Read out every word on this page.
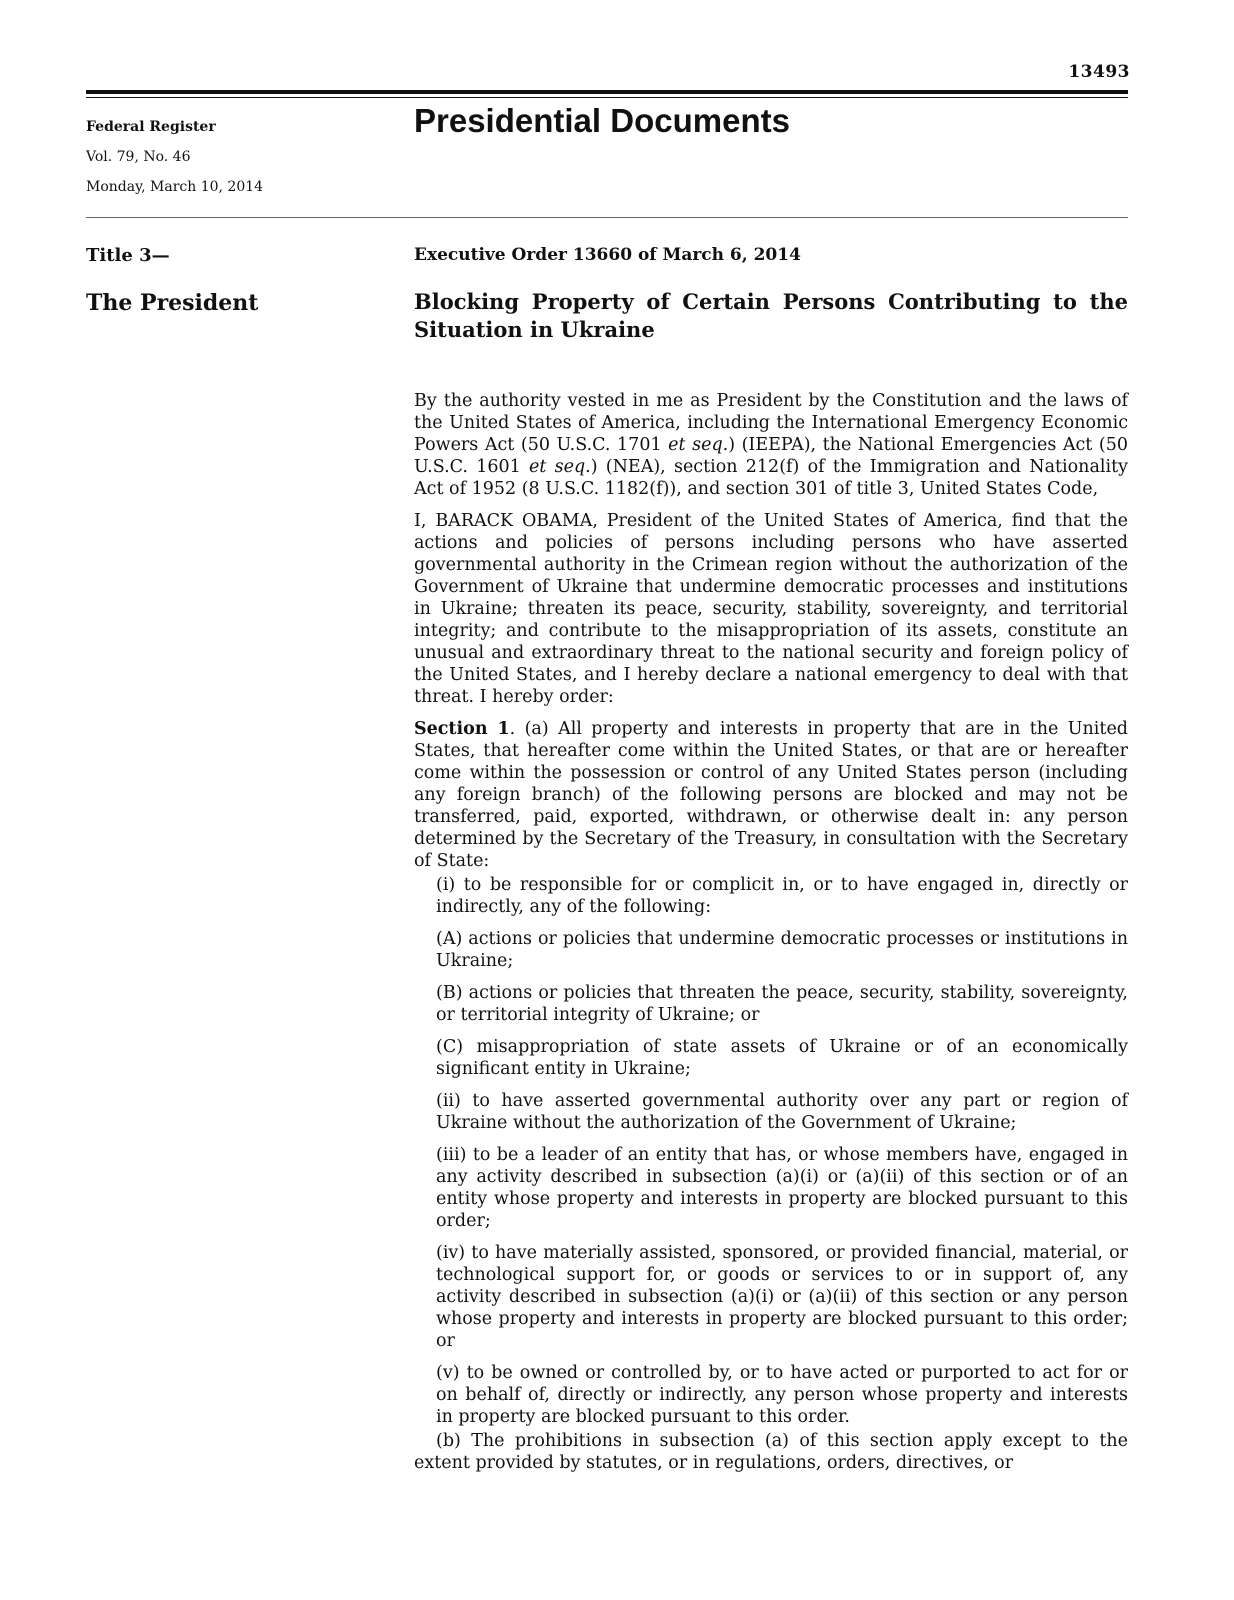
13493
Federal Register
Vol. 79, No. 46
Monday, March 10, 2014
Presidential Documents
Title 3—
The President
Executive Order 13660 of March 6, 2014
Blocking Property of Certain Persons Contributing to the Situation in Ukraine

By the authority vested in me as President by the Constitution and the laws of the United States of America, including the International Emergency Economic Powers Act (50 U.S.C. 1701 et seq.) (IEEPA), the National Emergencies Act (50 U.S.C. 1601 et seq.) (NEA), section 212(f) of the Immigration and Nationality Act of 1952 (8 U.S.C. 1182(f)), and section 301 of title 3, United States Code,

I, BARACK OBAMA, President of the United States of America, find that the actions and policies of persons including persons who have asserted governmental authority in the Crimean region without the authorization of the Government of Ukraine that undermine democratic processes and institutions in Ukraine; threaten its peace, security, stability, sovereignty, and territorial integrity; and contribute to the misappropriation of its assets, constitute an unusual and extraordinary threat to the national security and foreign policy of the United States, and I hereby declare a national emergency to deal with that threat. I hereby order:

Section 1. (a) All property and interests in property that are in the United States, that hereafter come within the United States, or that are or hereafter come within the possession or control of any United States person (including any foreign branch) of the following persons are blocked and may not be transferred, paid, exported, withdrawn, or otherwise dealt in: any person determined by the Secretary of the Treasury, in consultation with the Secretary of State:

(i) to be responsible for or complicit in, or to have engaged in, directly or indirectly, any of the following:

(A) actions or policies that undermine democratic processes or institutions in Ukraine;

(B) actions or policies that threaten the peace, security, stability, sovereignty, or territorial integrity of Ukraine; or

(C) misappropriation of state assets of Ukraine or of an economically significant entity in Ukraine;

(ii) to have asserted governmental authority over any part or region of Ukraine without the authorization of the Government of Ukraine;

(iii) to be a leader of an entity that has, or whose members have, engaged in any activity described in subsection (a)(i) or (a)(ii) of this section or of an entity whose property and interests in property are blocked pursuant to this order;

(iv) to have materially assisted, sponsored, or provided financial, material, or technological support for, or goods or services to or in support of, any activity described in subsection (a)(i) or (a)(ii) of this section or any person whose property and interests in property are blocked pursuant to this order; or

(v) to be owned or controlled by, or to have acted or purported to act for or on behalf of, directly or indirectly, any person whose property and interests in property are blocked pursuant to this order.

(b) The prohibitions in subsection (a) of this section apply except to the extent provided by statutes, or in regulations, orders, directives, or
